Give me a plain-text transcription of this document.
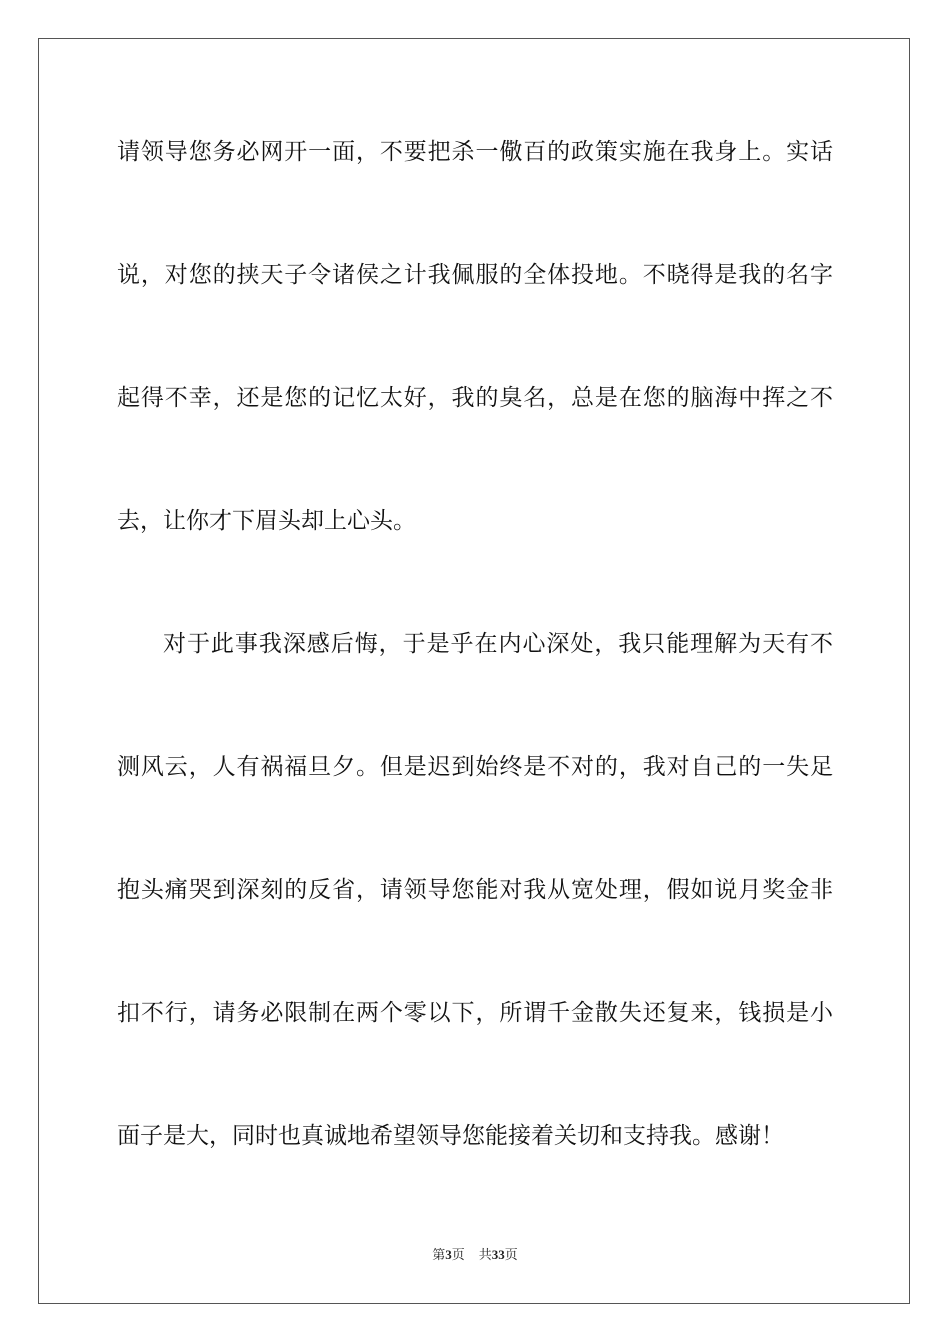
请领导您务必网开一面，不要把杀一儆百的政策实施在我身上。实话
说，对您的挟天子令诸侯之计我佩服的全体投地。不晓得是我的名字
起得不幸，还是您的记忆太好，我的臭名，总是在您的脑海中挥之不
去，让你才下眉头却上心头。
对于此事我深感后悔，于是乎在内心深处，我只能理解为天有不
测风云，人有祸福旦夕。但是迟到始终是不对的，我对自己的一失足
抱头痛哭到深刻的反省，请领导您能对我从宽处理，假如说月奖金非
扣不行，请务必限制在两个零以下，所谓千金散失还复来，钱损是小
面子是大，同时也真诚地希望领导您能接着关切和支持我。感谢！
第3页 共33页
